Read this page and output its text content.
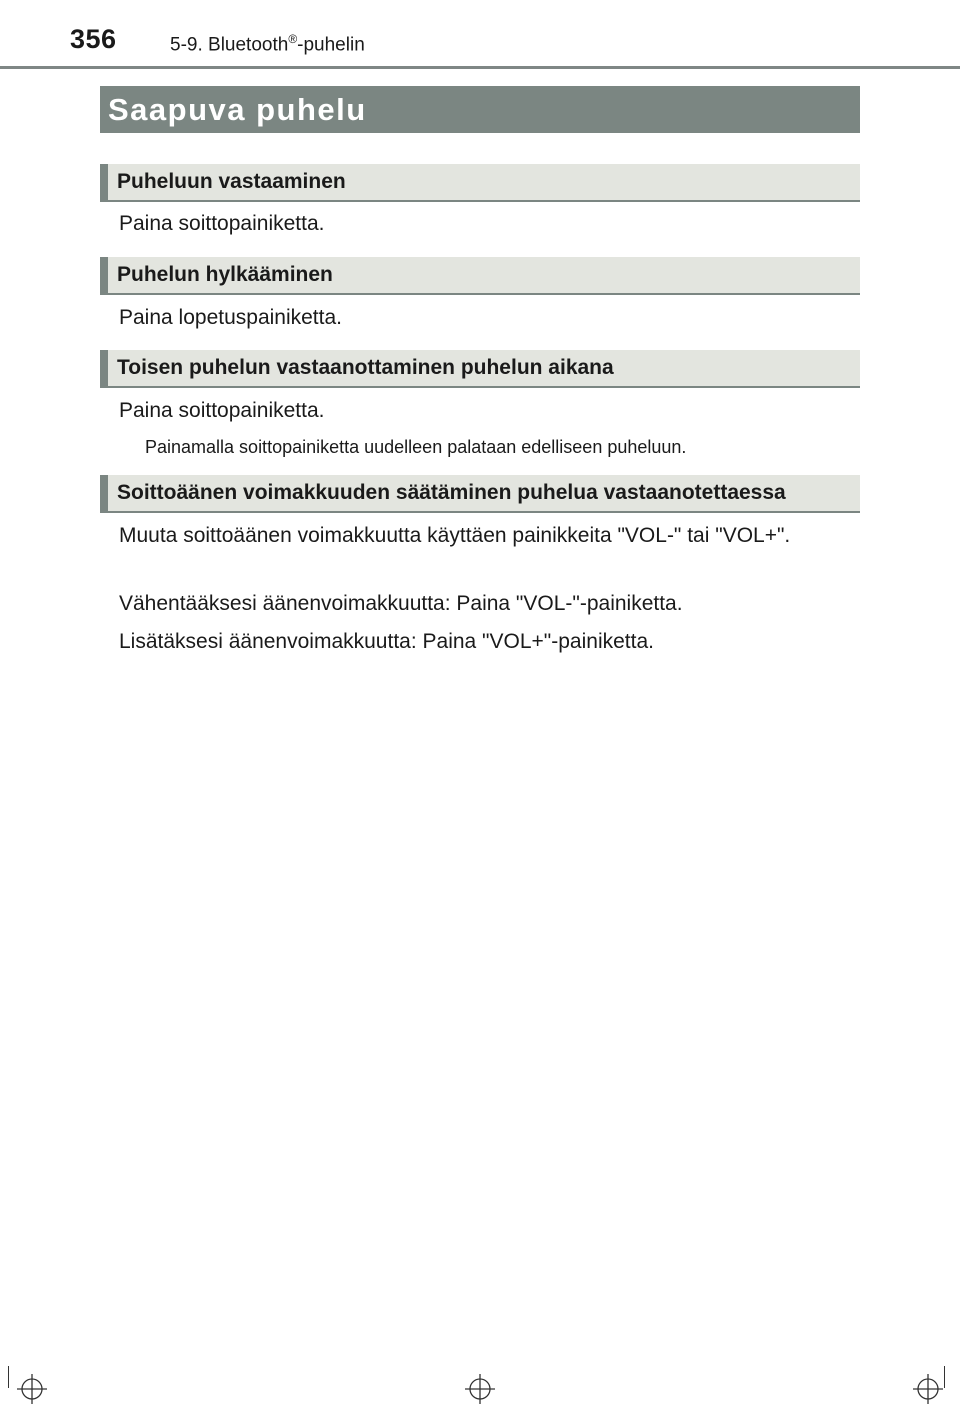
356	5-9. Bluetooth®-puhelin
Saapuva puhelu
Puheluun vastaaminen
Paina soittopainiketta.
Puhelun hylkääminen
Paina lopetuspainiketta.
Toisen puhelun vastaanottaminen puhelun aikana
Paina soittopainiketta.
Painamalla soittopainiketta uudelleen palataan edelliseen puheluun.
Soittoäänen voimakkuuden säätäminen puhelua vastaanotettaessa
Muuta soittoäänen voimakkuutta käyttäen painikkeita "VOL-" tai "VOL+".
Vähentääksesi äänenvoimakkuutta: Paina "VOL-"-painiketta.
Lisätäksesi äänenvoimakkuutta: Paina "VOL+"-painiketta.
